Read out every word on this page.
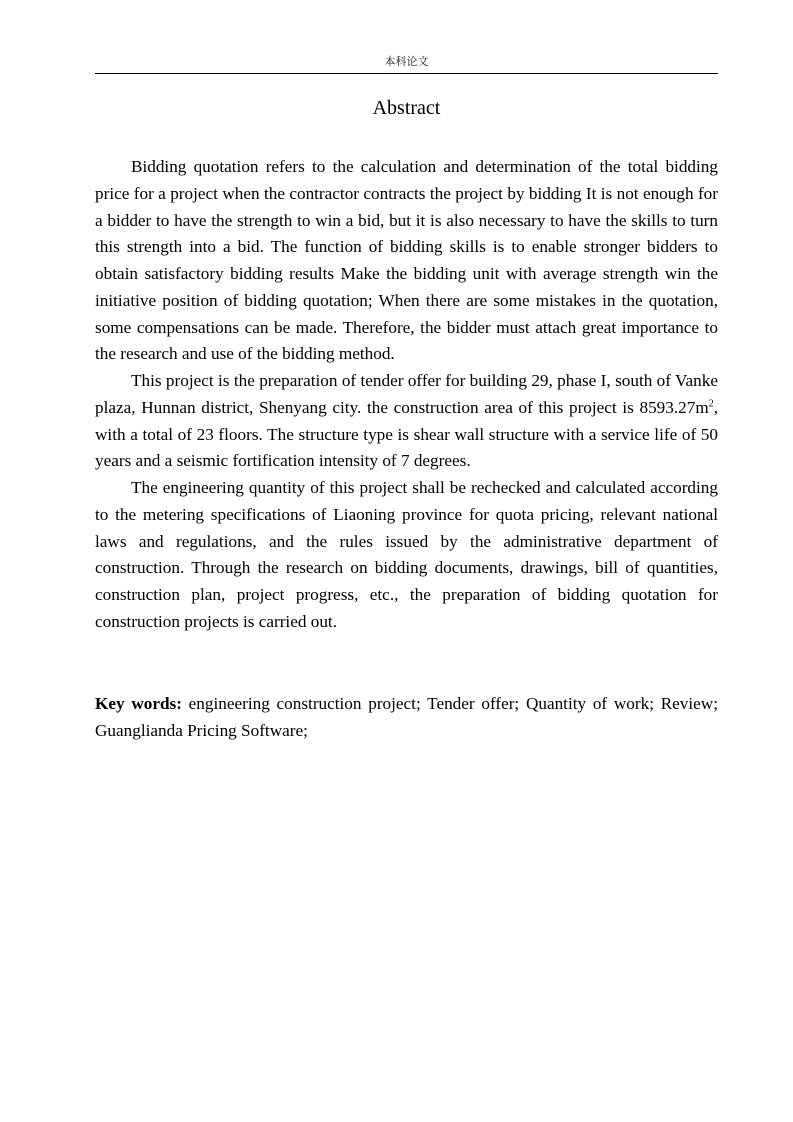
本科论文
Abstract

Bidding quotation refers to the calculation and determination of the total bidding price for a project when the contractor contracts the project by bidding It is not enough for a bidder to have the strength to win a bid, but it is also necessary to have the skills to turn this strength into a bid. The function of bidding skills is to enable stronger bidders to obtain satisfactory bidding results Make the bidding unit with average strength win the initiative position of bidding quotation; When there are some mistakes in the quotation, some compensations can be made. Therefore, the bidder must attach great importance to the research and use of the bidding method.

This project is the preparation of tender offer for building 29, phase I, south of Vanke plaza, Hunnan district, Shenyang city. the construction area of this project is $8593.27m^2$, with a total of 23 floors. The structure type is shear wall structure with a service life of 50 years and a seismic fortification intensity of 7 degrees.

The engineering quantity of this project shall be rechecked and calculated according to the metering specifications of Liaoning province for quota pricing, relevant national laws and regulations, and the rules issued by the administrative department of construction. Through the research on bidding documents, drawings, bill of quantities, construction plan, project progress, etc., the preparation of bidding quotation for construction projects is carried out.

Key words: engineering construction project; Tender offer; Quantity of work; Review; Guanglianda Pricing Software;
